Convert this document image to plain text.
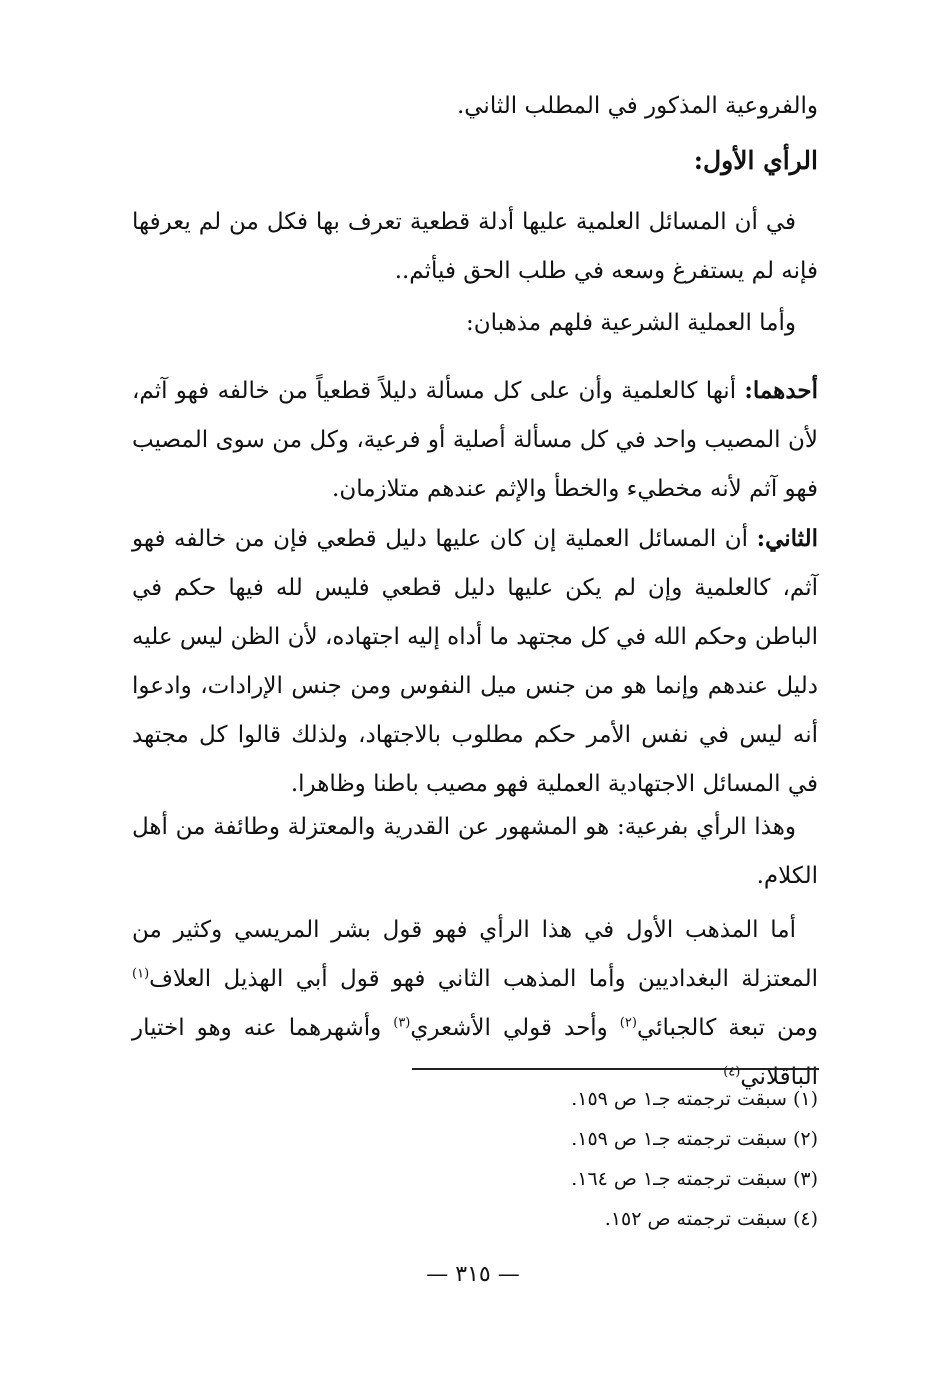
والفروعية المذكور في المطلب الثاني.
الرأي الأول:
في أن المسائل العلمية عليها أدلة قطعية تعرف بها فكل من لم يعرفها فإنه لم يستفرغ وسعه في طلب الحق فيأثم..
وأما العملية الشرعية فلهم مذهبان:
أحدهما: أنها كالعلمية وأن على كل مسألة دليلاً قطعياً من خالفه فهو آثم، لأن المصيب واحد في كل مسألة أصلية أو فرعية، وكل من سوى المصيب فهو آثم لأنه مخطيء والخطأ والإثم عندهم متلازمان.
الثاني: أن المسائل العملية إن كان عليها دليل قطعي فإن من خالفه فهو آثم، كالعلمية وإن لم يكن عليها دليل قطعي فليس لله فيها حكم في الباطن وحكم الله في كل مجتهد ما أداه إليه اجتهاده، لأن الظن ليس عليه دليل عندهم وإنما هو من جنس ميل النفوس ومن جنس الإرادات، وادعوا أنه ليس في نفس الأمر حكم مطلوب بالاجتهاد، ولذلك قالوا كل مجتهد في المسائل الاجتهادية العملية فهو مصيب باطنا وظاهرا.
وهذا الرأي بفرعية: هو المشهور عن القدرية والمعتزلة وطائفة من أهل الكلام.
أما المذهب الأول في هذا الرأي فهو قول بشر المريسي وكثير من المعتزلة البغداديين وأما المذهب الثاني فهو قول أبي الهذيل العلاف$^{(١)}$ ومن تبعة كالجبائي$^{(٢)}$ وأحد قولي الأشعري$^{(٣)}$ وأشهرهما عنه وهو اختيار الباقلاني$^{(٤)}$
(١) سبقت ترجمته جـ١ ص ١٥٩.
(٢) سبقت ترجمته جـ١ ص ١٥٩.
(٣) سبقت ترجمته جـ١ ص ١٦٤.
(٤) سبقت ترجمته ص ١٥٢.
— ٣١٥ —
